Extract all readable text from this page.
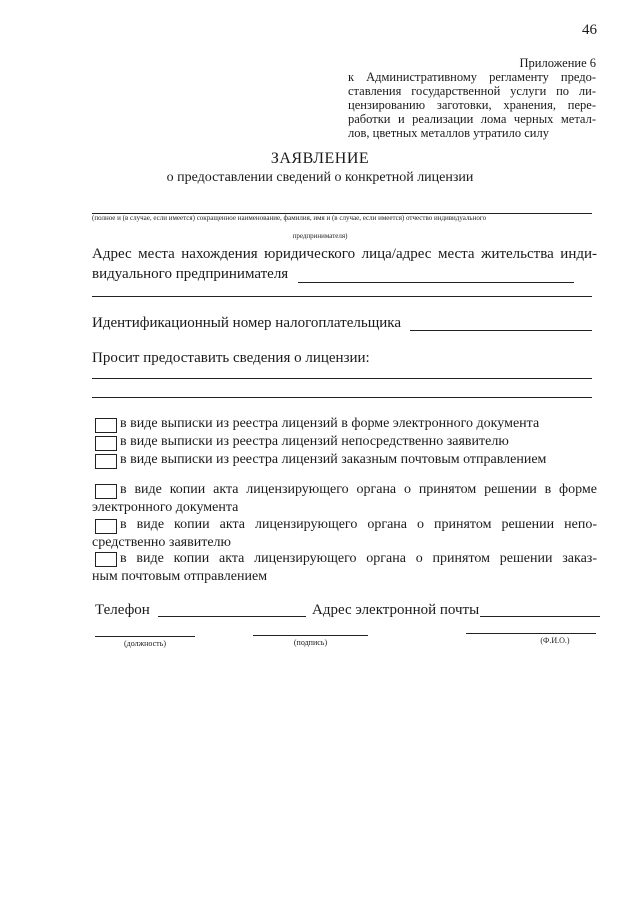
46
Приложение 6
к Административному регламенту предо-
ставления государственной услуги по ли-
цензированию заготовки, хранения, пере-
работки и реализации лома черных метал-
лов, цветных металлов утратило силу
ЗАЯВЛЕНИЕ
о предоставлении сведений о конкретной лицензии
(полное и (в случае, если имеется) сокращенное наименование, фамилия, имя и (в случае, если имеется) отчество индивидуального
предпринимателя)
Адрес места нахождения юридического лица/адрес места жительства инди-
видуального предпринимателя
Идентификационный номер налогоплательщика
Просит предоставить сведения о лицензии:
в виде выписки из реестра лицензий в форме электронного документа
в виде выписки из реестра лицензий непосредственно заявителю
в виде выписки из реестра лицензий заказным почтовым отправлением
в виде копии акта лицензирующего органа о принятом решении в форме
электронного документа
в виде копии акта лицензирующего органа о принятом решении непо-
средственно заявителю
в виде копии акта лицензирующего органа о принятом решении заказ-
ным почтовым отправлением
Телефон	Адрес электронной почты
(должность)	(подпись)	(Ф.И.О.)
